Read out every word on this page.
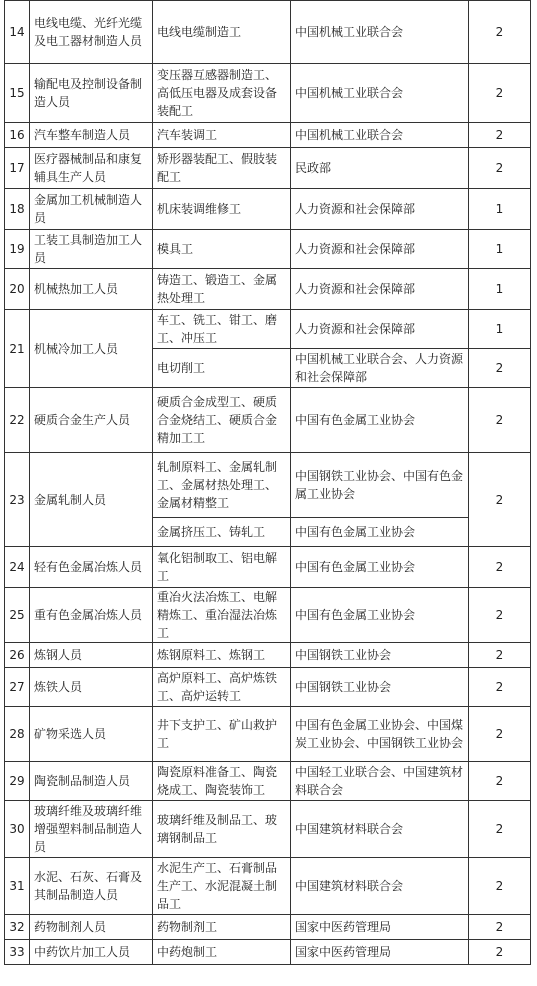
14	电线电缆、光纤光缆及电工器材制造人员	电线电缆制造工	中国机械工业联合会	2
15	输配电及控制设备制造人员	变压器互感器制造工、高低压电器及成套设备装配工	中国机械工业联合会	2
16	汽车整车制造人员	汽车装调工	中国机械工业联合会	2
17	医疗器械制品和康复辅具生产人员	矫形器装配工、假肢装配工	民政部	2
18	金属加工机械制造人员	机床装调维修工	人力资源和社会保障部	1
19	工装工具制造加工人员	模具工	人力资源和社会保障部	1
20	机械热加工人员	铸造工、锻造工、金属热处理工	人力资源和社会保障部	1
21	机械冷加工人员	车工、铣工、钳工、磨工、冲压工	人力资源和社会保障部	1
		电切削工	中国机械工业联合会、人力资源和社会保障部	2
22	硬质合金生产人员	硬质合金成型工、硬质合金烧结工、硬质合金精加工工	中国有色金属工业协会	2
23	金属轧制人员	轧制原料工、金属轧制工、金属材热处理工、金属材精整工	中国钢铁工业协会、中国有色金属工业协会	2
		金属挤压工、铸轧工	中国有色金属工业协会	
24	轻有色金属冶炼人员	氧化铝制取工、铝电解工	中国有色金属工业协会	2
25	重有色金属冶炼人员	重冶火法冶炼工、电解精炼工、重冶湿法冶炼工	中国有色金属工业协会	2
26	炼钢人员	炼钢原料工、炼钢工	中国钢铁工业协会	2
27	炼铁人员	高炉原料工、高炉炼铁工、高炉运转工	中国钢铁工业协会	2
28	矿物采选人员	井下支护工、矿山救护工	中国有色金属工业协会、中国煤炭工业协会、中国钢铁工业协会	2
29	陶瓷制品制造人员	陶瓷原料准备工、陶瓷烧成工、陶瓷装饰工	中国轻工业联合会、中国建筑材料联合会	2
30	玻璃纤维及玻璃纤维增强塑料制品制造人员	玻璃纤维及制品工、玻璃钢制品工	中国建筑材料联合会	2
31	水泥、石灰、石膏及其制品制造人员	水泥生产工、石膏制品生产工、水泥混凝土制品工	中国建筑材料联合会	2
32	药物制剂人员	药物制剂工	国家中医药管理局	2
33	中药饮片加工人员	中药炮制工	国家中医药管理局	2
